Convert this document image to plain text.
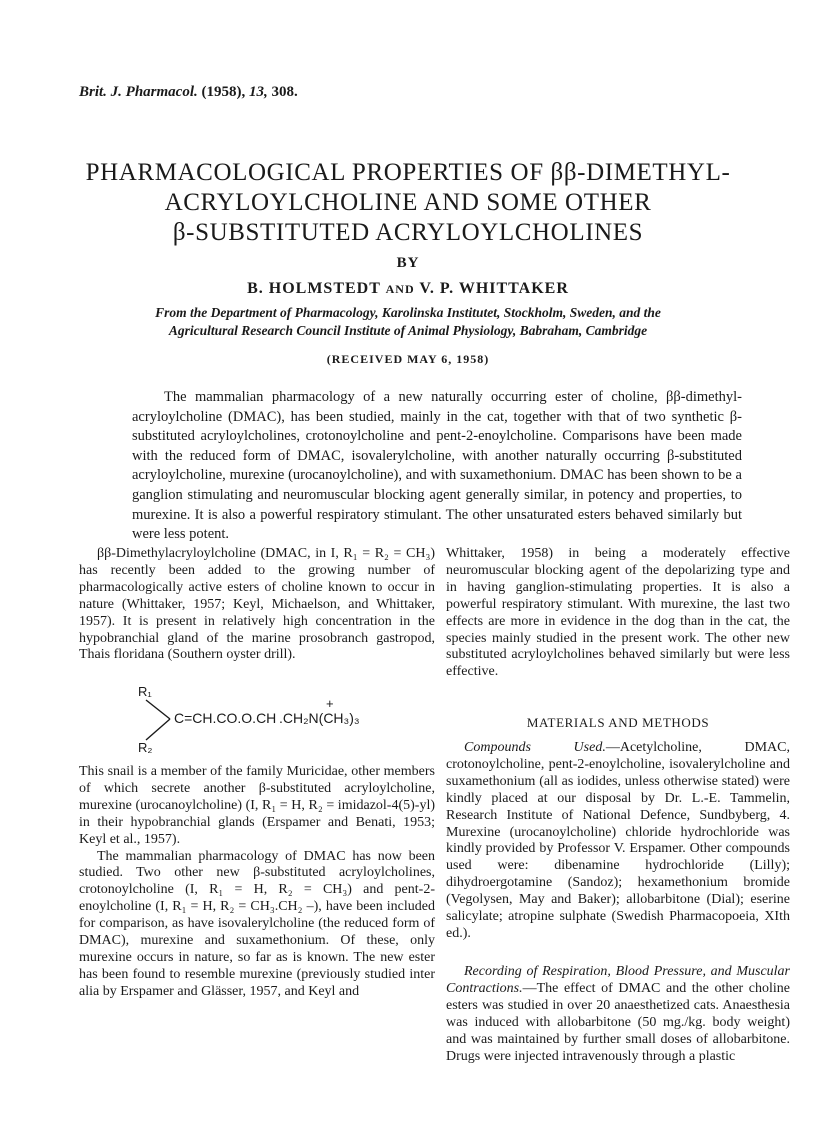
Brit. J. Pharmacol. (1958), 13, 308.
PHARMACOLOGICAL PROPERTIES OF ββ-DIMETHYL-
ACRYLOYLCHOLINE AND SOME OTHER
β-SUBSTITUTED ACRYLOYLCHOLINES
BY
B. HOLMSTEDT AND V. P. WHITTAKER
From the Department of Pharmacology, Karolinska Institutet, Stockholm, Sweden, and the
Agricultural Research Council Institute of Animal Physiology, Babraham, Cambridge
(RECEIVED MAY 6, 1958)

The mammalian pharmacology of a new naturally occurring ester of choline, ββ-dimethyl-acryloylcholine (DMAC), has been studied, mainly in the cat, together with that of two synthetic β-substituted acryloylcholines, crotonoylcholine and pent-2-enoylcholine. Comparisons have been made with the reduced form of DMAC, isovalerylcholine, with another naturally occurring β-substituted acryloylcholine, murexine (urocanoylcholine), and with suxamethonium. DMAC has been shown to be a ganglion stimulating and neuromuscular blocking agent generally similar, in potency and properties, to murexine. It is also a powerful respiratory stimulant. The other unsaturated esters behaved similarly but were less potent.

ββ-Dimethylacryloylcholine (DMAC, in I, R₁ = R₂ = CH₃) has recently been added to the growing number of pharmacologically active esters of choline known to occur in nature (Whittaker, 1957; Keyl, Michaelson, and Whittaker, 1957). It is present in relatively high concentration in the hypobranchial gland of the marine prosobranch gastropod, Thais floridana (Southern oyster drill).

R₁
R₂
C=CH.CO.O.CH .CH₂N(CH₃)₃
+

This snail is a member of the family Muricidae, other members of which secrete another β-substituted acryloylcholine, murexine (urocanoylcholine) (I, R₁ = H, R₂ = imidazol-4(5)-yl) in their hypobranchial glands (Erspamer and Benati, 1953; Keyl et al., 1957).

The mammalian pharmacology of DMAC has now been studied. Two other new β-substituted acryloylcholines, crotonoylcholine (I, R₁ = H, R₂ = CH₃) and pent-2-enoylcholine (I, R₁ = H, R₂ = CH₃.CH₂ –), have been included for comparison, as have isovalerylcholine (the reduced form of DMAC), murexine and suxamethonium. Of these, only murexine occurs in nature, so far as is known. The new ester has been found to resemble murexine (previously studied inter alia by Erspamer and Glässer, 1957, and Keyl and

Whittaker, 1958) in being a moderately effective neuromuscular blocking agent of the depolarizing type and in having ganglion-stimulating properties. It is also a powerful respiratory stimulant. With murexine, the last two effects are more in evidence in the dog than in the cat, the species mainly studied in the present work. The other new substituted acryloylcholines behaved similarly but were less effective.

MATERIALS AND METHODS

Compounds Used.—Acetylcholine, DMAC, crotonoylcholine, pent-2-enoylcholine, isovalerylcholine and suxamethonium (all as iodides, unless otherwise stated) were kindly placed at our disposal by Dr. L.-E. Tammelin, Research Institute of National Defence, Sundbyberg, 4. Murexine (urocanoylcholine) chloride hydrochloride was kindly provided by Professor V. Erspamer. Other compounds used were: dibenamine hydrochloride (Lilly); dihydroergotamine (Sandoz); hexamethonium bromide (Vegolysen, May and Baker); allobarbitone (Dial); eserine salicylate; atropine sulphate (Swedish Pharmacopoeia, XIth ed.).

Recording of Respiration, Blood Pressure, and Muscular Contractions.—The effect of DMAC and the other choline esters was studied in over 20 anaesthetized cats. Anaesthesia was induced with allobarbitone (50 mg./kg. body weight) and was maintained by further small doses of allobarbitone. Drugs were injected intravenously through a plastic
